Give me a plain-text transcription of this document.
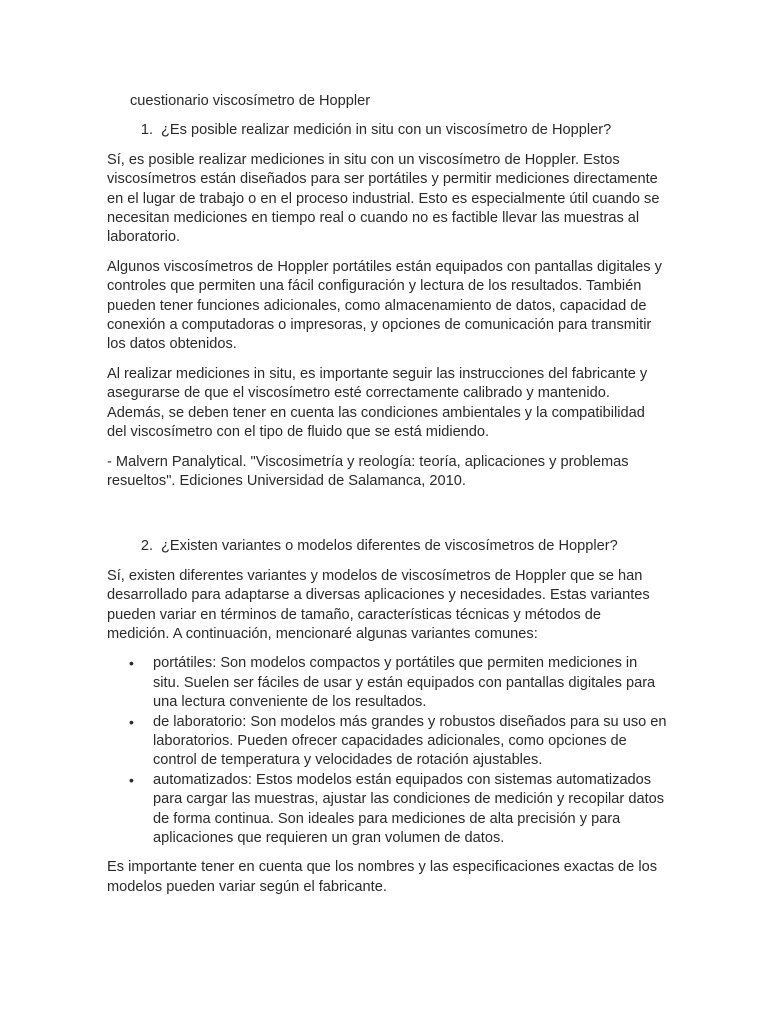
cuestionario viscosímetro de Hoppler
1. ¿Es posible realizar medición in situ con un viscosímetro de Hoppler?

Sí, es posible realizar mediciones in situ con un viscosímetro de Hoppler. Estos viscosímetros están diseñados para ser portátiles y permitir mediciones directamente en el lugar de trabajo o en el proceso industrial. Esto es especialmente útil cuando se necesitan mediciones en tiempo real o cuando no es factible llevar las muestras al laboratorio.

Algunos viscosímetros de Hoppler portátiles están equipados con pantallas digitales y controles que permiten una fácil configuración y lectura de los resultados. También pueden tener funciones adicionales, como almacenamiento de datos, capacidad de conexión a computadoras o impresoras, y opciones de comunicación para transmitir los datos obtenidos.

Al realizar mediciones in situ, es importante seguir las instrucciones del fabricante y asegurarse de que el viscosímetro esté correctamente calibrado y mantenido. Además, se deben tener en cuenta las condiciones ambientales y la compatibilidad del viscosímetro con el tipo de fluido que se está midiendo.

- Malvern Panalytical. "Viscosimetría y reología: teoría, aplicaciones y problemas resueltos". Ediciones Universidad de Salamanca, 2010.

2. ¿Existen variantes o modelos diferentes de viscosímetros de Hoppler?

Sí, existen diferentes variantes y modelos de viscosímetros de Hoppler que se han desarrollado para adaptarse a diversas aplicaciones y necesidades. Estas variantes pueden variar en términos de tamaño, características técnicas y métodos de medición. A continuación, mencionaré algunas variantes comunes:

• portátiles: Son modelos compactos y portátiles que permiten mediciones in situ. Suelen ser fáciles de usar y están equipados con pantallas digitales para una lectura conveniente de los resultados.
• de laboratorio: Son modelos más grandes y robustos diseñados para su uso en laboratorios. Pueden ofrecer capacidades adicionales, como opciones de control de temperatura y velocidades de rotación ajustables.
• automatizados: Estos modelos están equipados con sistemas automatizados para cargar las muestras, ajustar las condiciones de medición y recopilar datos de forma continua. Son ideales para mediciones de alta precisión y para aplicaciones que requieren un gran volumen de datos.

Es importante tener en cuenta que los nombres y las especificaciones exactas de los modelos pueden variar según el fabricante.
